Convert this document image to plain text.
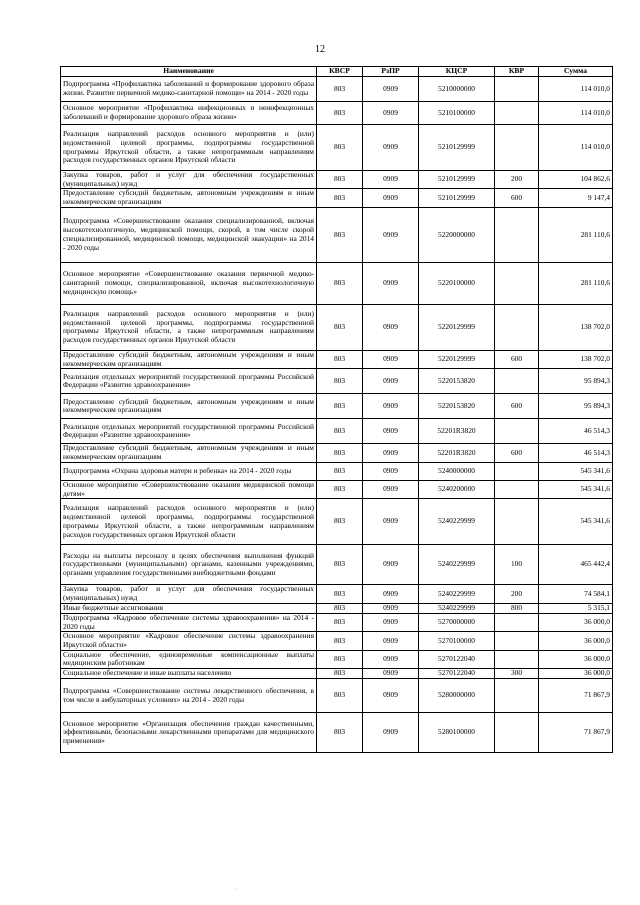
12
Наименование	КВСР	РзПР	КЦСР	КВР	Сумма
Подпрограмма «Профилактика заболеваний и формирование здорового образа жизни. Развитие первичной медико-санитарной помощи» на 2014 - 2020 годы	803	0909	5210000000		114 010,0
Основное мероприятие «Профилактика инфекционных и неинфекционных заболеваний и формирование здорового образа жизни»	803	0909	5210100000		114 010,0
Реализация направлений расходов основного мероприятия и (или) ведомственной целевой программы, подпрограммы государственной программы Иркутской области, а также непрограммным направлениям расходов государственных органов Иркутской области	803	0909	5210129999		114 010,0
Закупка товаров, работ и услуг для обеспечения государственных (муниципальных) нужд	803	0909	5210129999	200	104 862,6
Предоставление субсидий бюджетным, автономным учреждениям и иным некоммерческим организациям	803	0909	5210129999	600	9 147,4
Подпрограмма «Совершенствование оказания специализированной, включая высокотехнологичную, медицинской помощи, скорой, в том числе скорой специализированной, медицинской помощи, медицинской эвакуации» на 2014 - 2020 годы	803	0909	5220000000		281 110,6
Основное мероприятие «Совершенствование оказания первичной медико-санитарной помощи, специализированной, включая высокотехнологичную медицинскую помощь»	803	0909	5220100000		281 110,6
Реализация направлений расходов основного мероприятия и (или) ведомственной целевой программы, подпрограммы государственной программы Иркутской области, а также непрограммным направлениям расходов государственных органов Иркутской области	803	0909	5220129999		138 702,0
Предоставление субсидий бюджетным, автономным учреждениям и иным некоммерческим организациям	803	0909	5220129999	600	138 702,0
Реализация отдельных мероприятий государственной программы Российской Федерации «Развитие здравоохранения»	803	0909	5220153820		95 894,3
Предоставление субсидий бюджетным, автономным учреждениям и иным некоммерческим организациям	803	0909	5220153820	600	95 894,3
Реализация отдельных мероприятий государственной программы Российской Федерации «Развитие здравоохранения»	803	0909	52201R3820		46 514,3
Предоставление субсидий бюджетным, автономным учреждениям и иным некоммерческим организациям	803	0909	52201R3820	600	46 514,3
Подпрограмма «Охрана здоровья матери и ребенка» на 2014 - 2020 годы	803	0909	5240000000		545 341,6
Основное мероприятие «Совершенствование оказания медицинской помощи детям»	803	0909	5240200000		545 341,6
Реализация направлений расходов основного мероприятия и (или) ведомственной целевой программы, подпрограммы государственной программы Иркутской области, а также непрограммным направлениям расходов государственных органов Иркутской области	803	0909	5240229999		545 341,6
Расходы на выплаты персоналу в целях обеспечения выполнения функций государственными (муниципальными) органами, казенными учреждениями, органами управления государственными внебюджетными фондами	803	0909	5240229999	100	465 442,4
Закупка товаров, работ и услуг для обеспечения государственных (муниципальных) нужд	803	0909	5240229999	200	74 584,1
Иные бюджетные ассигнования	803	0909	5240229999	800	5 315,1
Подпрограмма «Кадровое обеспечение системы здравоохранения» на 2014 - 2020 годы	803	0909	5270000000		36 000,0
Основное мероприятие «Кадровое обеспечение системы здравоохранения Иркутской области»	803	0909	5270100000		36 000,0
Социальное обеспечение, единовременные компенсационные выплаты медицинским работникам	803	0909	5270122040		36 000,0
Социальное обеспечение и иные выплаты населению	803	0909	5270122040	300	36 000,0
Подпрограмма «Совершенствование системы лекарственного обеспечения, в том числе в амбулаторных условиях» на 2014 - 2020 годы	803	0909	5280000000		71 867,9
Основное мероприятие «Организация обеспечения граждан качественными, эффективными, безопасными лекарственными препаратами для медицинского применения»	803	0909	5280100000		71 867,9
·
